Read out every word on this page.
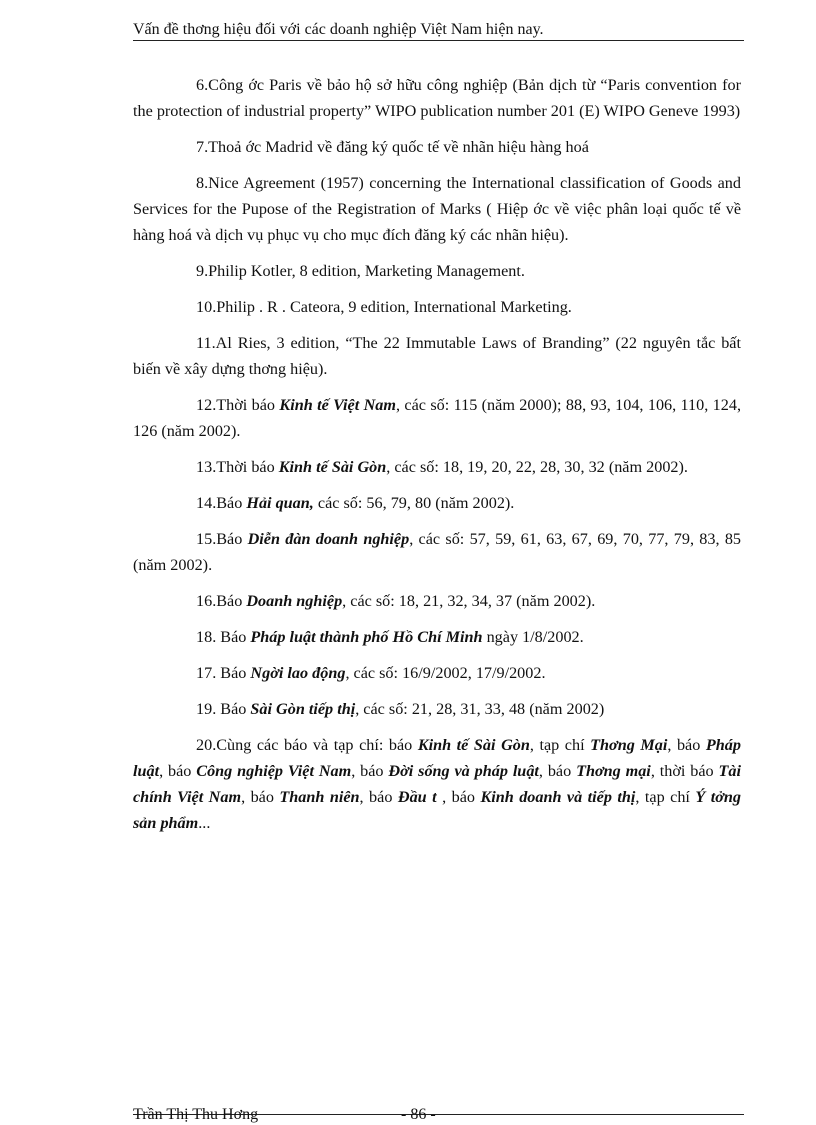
Vấn đề thơng hiệu đối với các doanh nghiệp Việt Nam hiện nay.

6.Công ớc Paris về bảo hộ sở hữu công nghiệp (Bản dịch từ “Paris convention for the protection of industrial property” WIPO publication number 201 (E) WIPO Geneve 1993)

7.Thoả ớc Madrid về đăng ký quốc tế về nhãn hiệu hàng hoá

8.Nice Agreement (1957) concerning the International classification of Goods and Services for the Pupose of the Registration of Marks ( Hiệp ớc về việc phân loại quốc tế về hàng hoá và dịch vụ phục vụ cho mục đích đăng ký các nhãn hiệu).

9.Philip Kotler, 8 edition, Marketing Management.

10.Philip . R . Cateora, 9 edition, International Marketing.

11.Al Ries, 3 edition, “The 22 Immutable Laws of Branding” (22 nguyên tắc bất biến về xây dựng thơng hiệu).

12.Thời báo Kinh tế Việt Nam, các số: 115 (năm 2000); 88, 93, 104, 106, 110, 124, 126 (năm 2002).

13.Thời báo Kinh tế Sài Gòn, các số: 18, 19, 20, 22, 28, 30, 32 (năm 2002).

14.Báo Hải quan, các số: 56, 79, 80 (năm 2002).

15.Báo Diễn đàn doanh nghiệp, các số: 57, 59, 61, 63, 67, 69, 70, 77, 79, 83, 85 (năm 2002).

16.Báo Doanh nghiệp, các số: 18, 21, 32, 34, 37 (năm 2002).

18. Báo Pháp luật thành phố Hồ Chí Minh ngày 1/8/2002.

17. Báo Ngời lao động, các số: 16/9/2002, 17/9/2002.

19. Báo Sài Gòn tiếp thị, các số: 21, 28, 31, 33, 48 (năm 2002)

20.Cùng các báo và tạp chí: báo Kinh tế Sài Gòn, tạp chí Thơng Mại, báo Pháp luật, báo Công nghiệp Việt Nam, báo Đời sống và pháp luật, báo Thơng mại, thời báo Tài chính Việt Nam, báo Thanh niên, báo Đầu t , báo Kinh doanh và tiếp thị, tạp chí Ý tởng sản phẩm...

Trần Thị Thu Hơng	- 86 -
